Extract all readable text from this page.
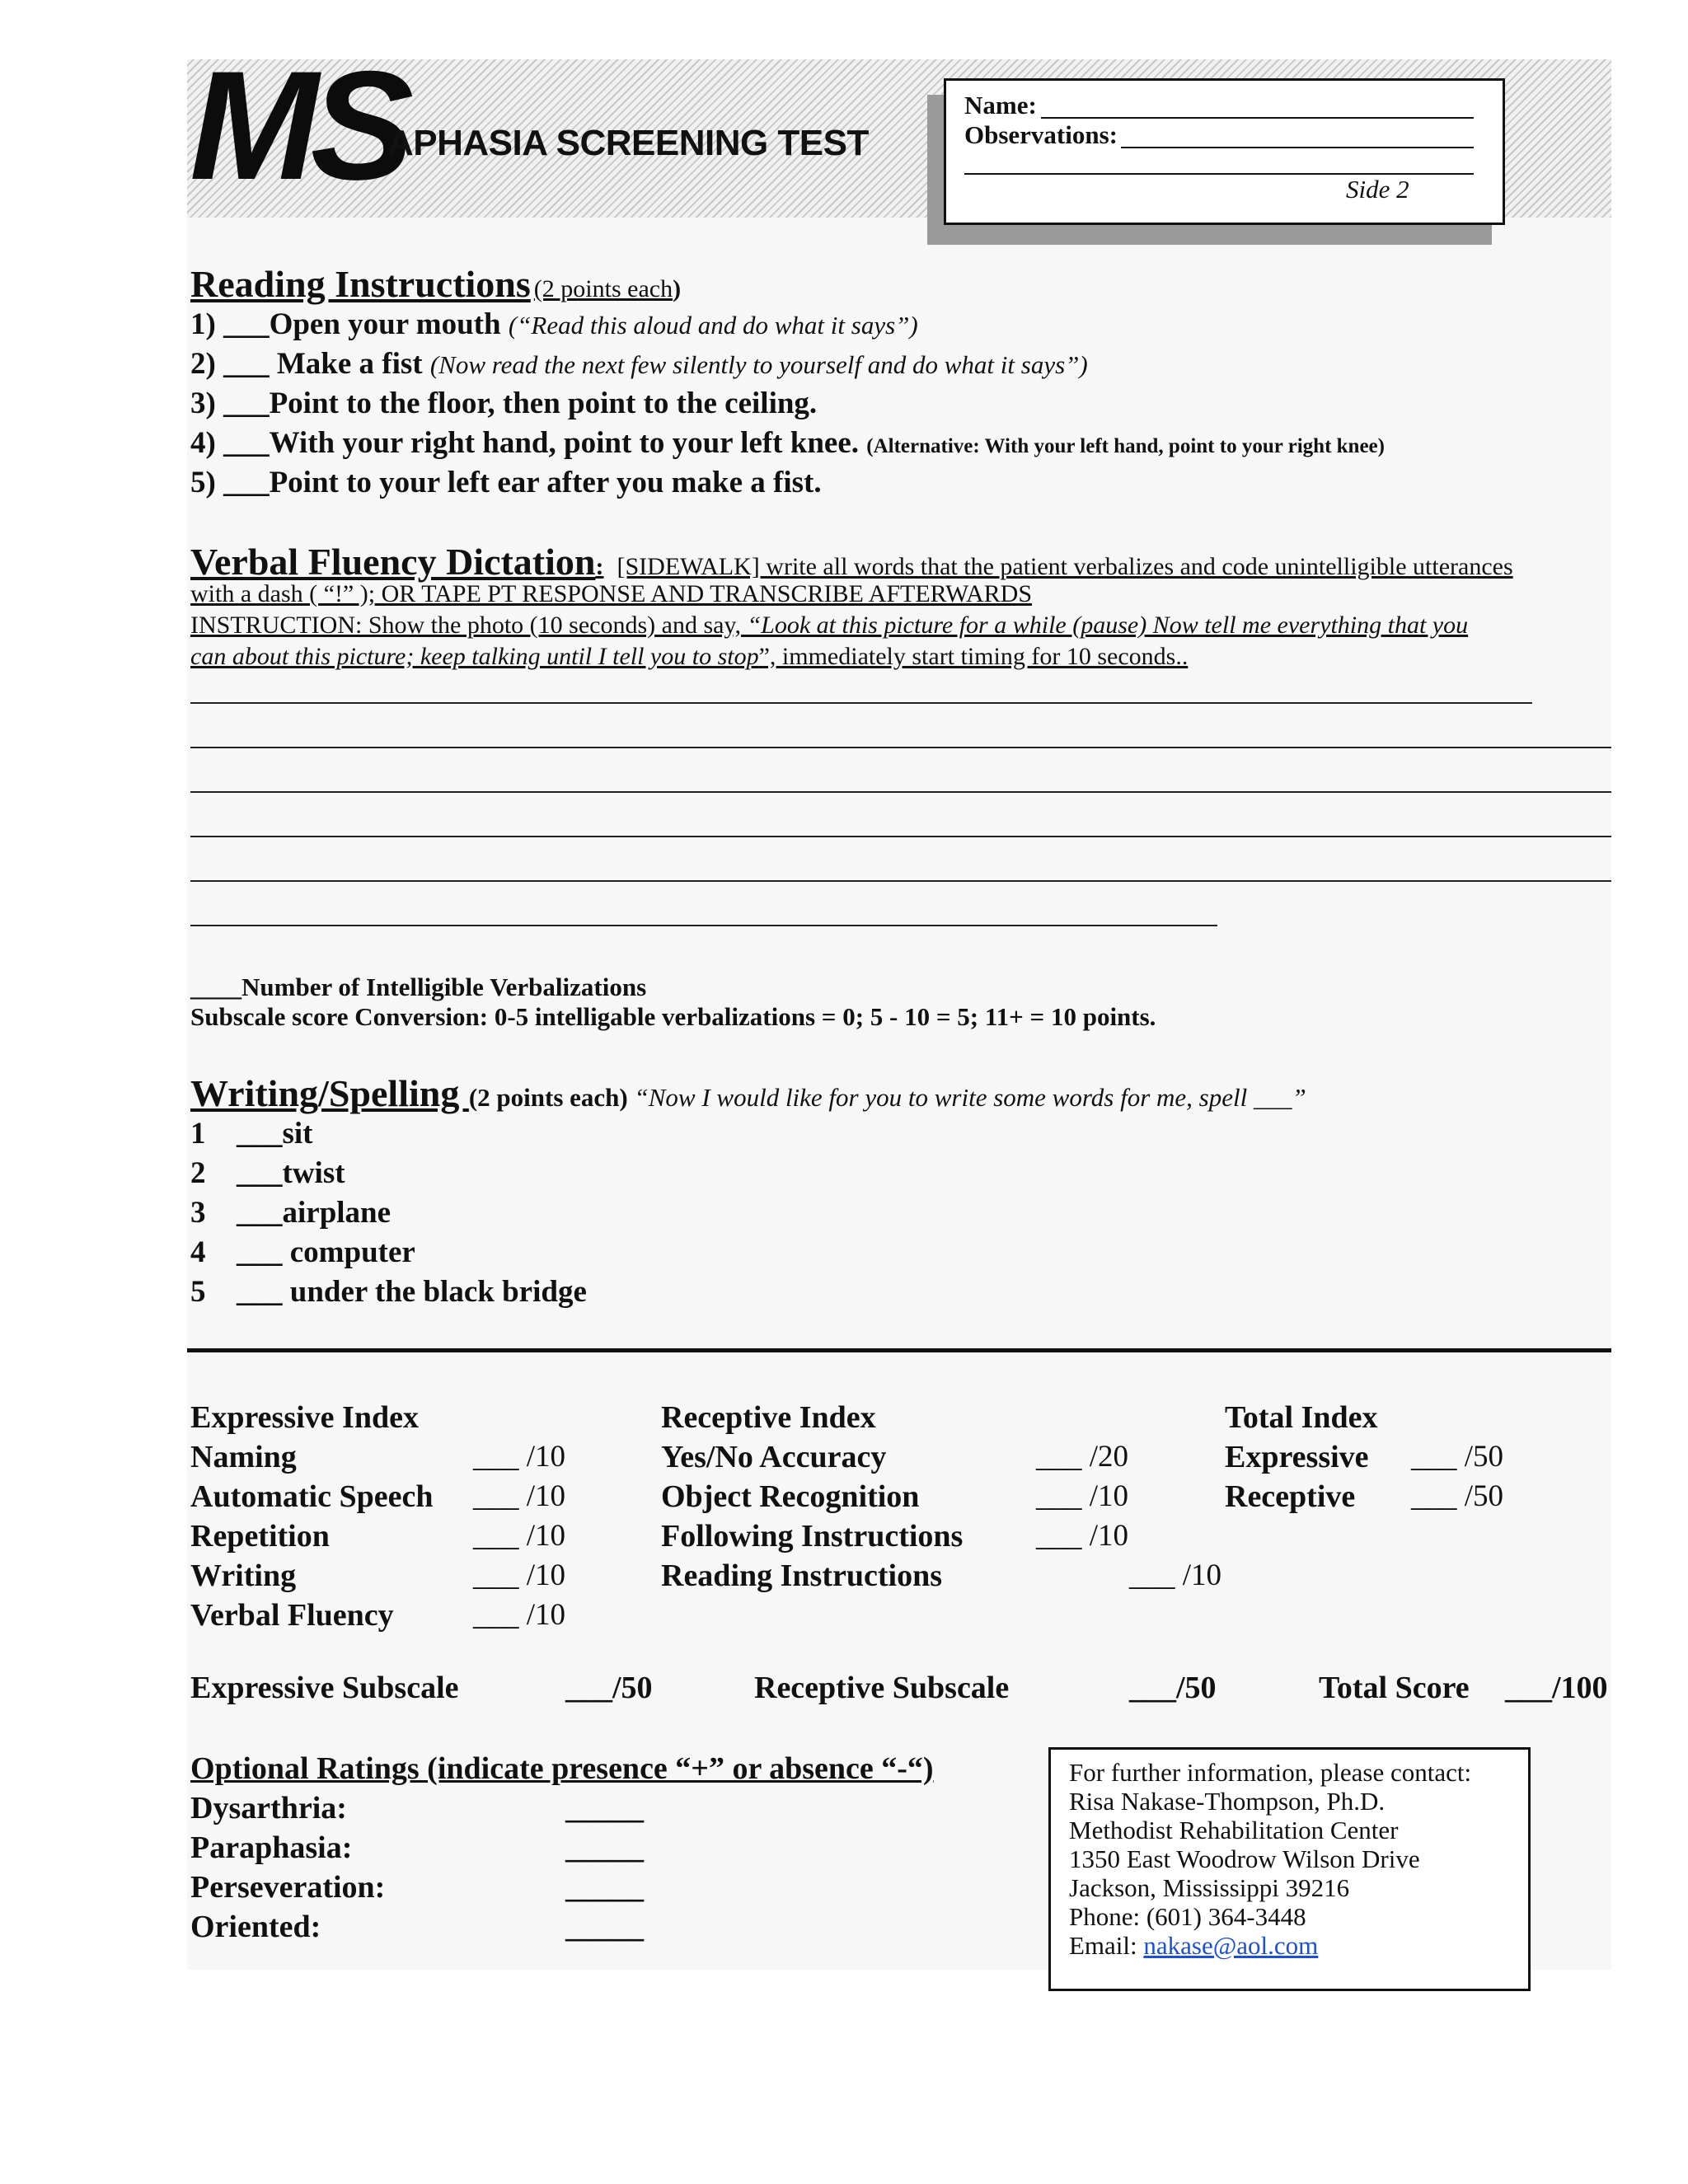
MS
APHASIA SCREENING TEST
Name:
Observations:
Side 2
Reading Instructions (2 points each)
1) ___Open your mouth (“Read this aloud and do what it says”)
2) ___ Make a fist (Now read the next few silently to yourself and do what it says”)
3) ___Point to the floor, then point to the ceiling.
4) ___With your right hand, point to your left knee. (Alternative: With your left hand, point to your right knee)
5) ___Point to your left ear after you make a fist.
Verbal Fluency Dictation: [SIDEWALK] write all words that the patient verbalizes and code unintelligible utterances
with a dash ( “!” ); OR TAPE PT RESPONSE AND TRANSCRIBE AFTERWARDS
INSTRUCTION: Show the photo (10 seconds) and say, “Look at this picture for a while (pause) Now tell me everything that you
can about this picture; keep talking until I tell you to stop”, immediately start timing for 10 seconds..
____Number of Intelligible Verbalizations
Subscale score Conversion: 0-5 intelligable verbalizations = 0; 5 - 10 = 5; 11+ = 10 points.
Writing/Spelling (2 points each) “Now I would like for you to write some words for me, spell ___”
1 ___sit
2 ___twist
3 ___airplane
4 ___ computer
5 ___ under the black bridge
Expressive Index
Naming	___ /10
Automatic Speech ___ /10
Repetition	___ /10
Writing	___ /10
Verbal Fluency	___ /10
Receptive Index
Yes/No Accuracy	___ /20
Object Recognition	___ /10
Following Instructions ___ /10
Reading Instructions	___ /10
Total Index
Expressive ___ /50
Receptive ___ /50
Expressive Subscale	___/50	Receptive Subscale	___/50	Total Score ___/100
Optional Ratings (indicate presence “+” or absence “-“)
Dysarthria:	_____
Paraphasia:	_____
Perseveration:	_____
Oriented:	_____
For further information, please contact:
Risa Nakase-Thompson, Ph.D.
Methodist Rehabilitation Center
1350 East Woodrow Wilson Drive
Jackson, Mississippi 39216
Phone: (601) 364-3448
Email: nakase@aol.com
